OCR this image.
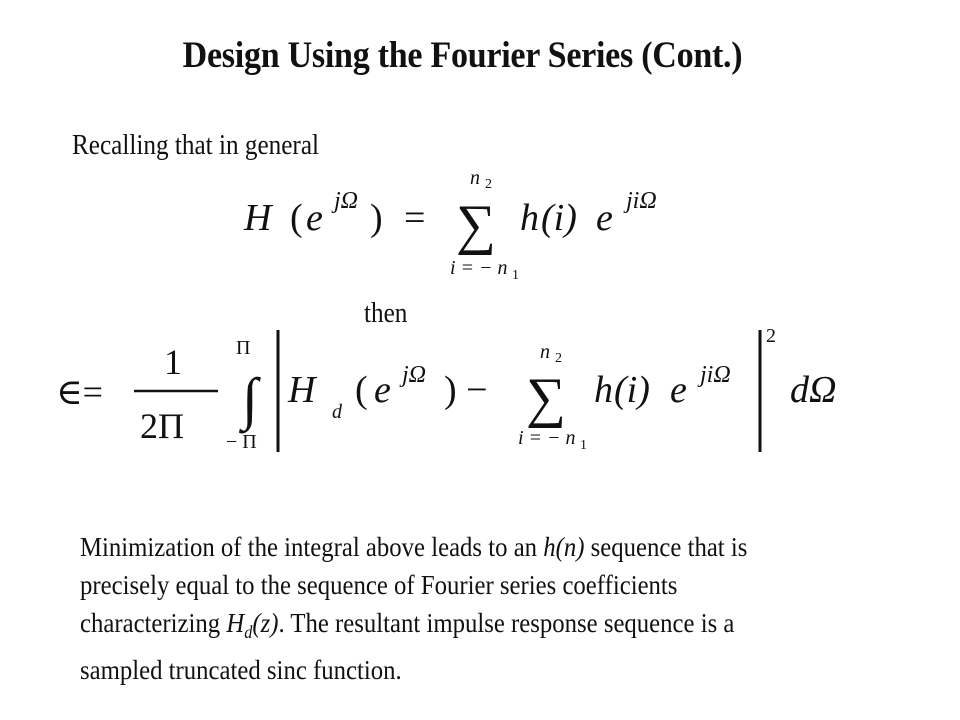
Design Using the Fourier Series (Cont.)
Recalling that in general
then
H ( e jΩ ) = ∑
n 2
i = − n 1
h (i) e jiΩ
∈=
1
2Π
Π
∫
− Π
H
d
( e jΩ ) − ∑
n 2
i = − n 1
h (i) e jiΩ
2
dΩ
Minimization of the integral above leads to an h(n) sequence that is
precisely equal to the sequence of Fourier series coefficients
characterizing $H_d(z)$. The resultant impulse response sequence is a
sampled truncated sinc function.
